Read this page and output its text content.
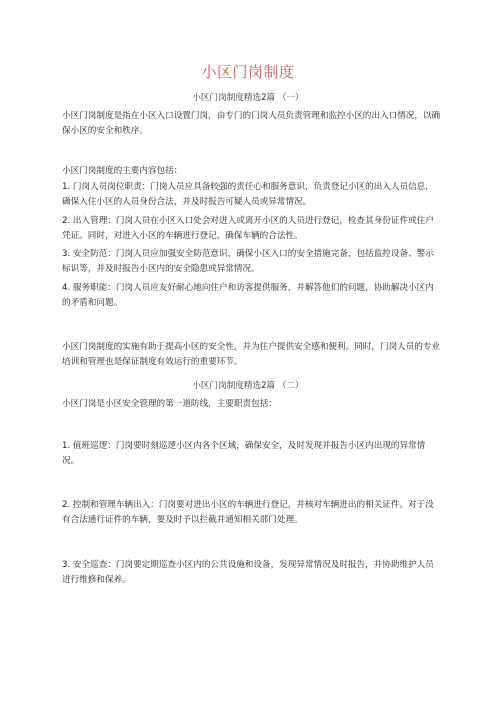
小区门岗制度
小区门岗制度精选2篇 （一）
小区门岗制度是指在小区入口设置门岗，由专门的门岗人员负责管理和监控小区的出入口情况，以确保小区的安全和秩序。
小区门岗制度的主要内容包括：
1. 门岗人员岗位职责：门岗人员应具备较强的责任心和服务意识，负责登记小区的出入人员信息，确保入住小区的人员身份合法，并及时报告可疑人员或异常情况。
2. 出入管理：门岗人员在小区入口处会对进入或离开小区的人员进行登记，检查其身份证件或住户凭证。同时，对进入小区的车辆进行登记，确保车辆的合法性。
3. 安全防范：门岗人员应加强安全防范意识，确保小区入口的安全措施完备，包括监控设备、警示标识等，并及时报告小区内的安全隐患或异常情况。
4. 服务职能：门岗人员应友好耐心地向住户和访客提供服务，并解答他们的问题，协助解决小区内的矛盾和问题。
小区门岗制度的实施有助于提高小区的安全性，并为住户提供安全感和便利。同时，门岗人员的专业培训和管理也是保证制度有效运行的重要环节。
小区门岗制度精选2篇 （二）
小区门岗是小区安全管理的第一道防线，主要职责包括：
1. 值班巡逻：门岗要时刻巡逻小区内各个区域，确保安全，及时发现并报告小区内出现的异常情况。
2. 控制和管理车辆出入：门岗要对进出小区的车辆进行登记，并核对车辆进出的相关证件。对于没有合法通行证件的车辆，要及时予以拦截并通知相关部门处理。
3. 安全巡查：门岗要定期巡查小区内的公共设施和设备，发现异常情况及时报告，并协助维护人员进行维修和保养。
